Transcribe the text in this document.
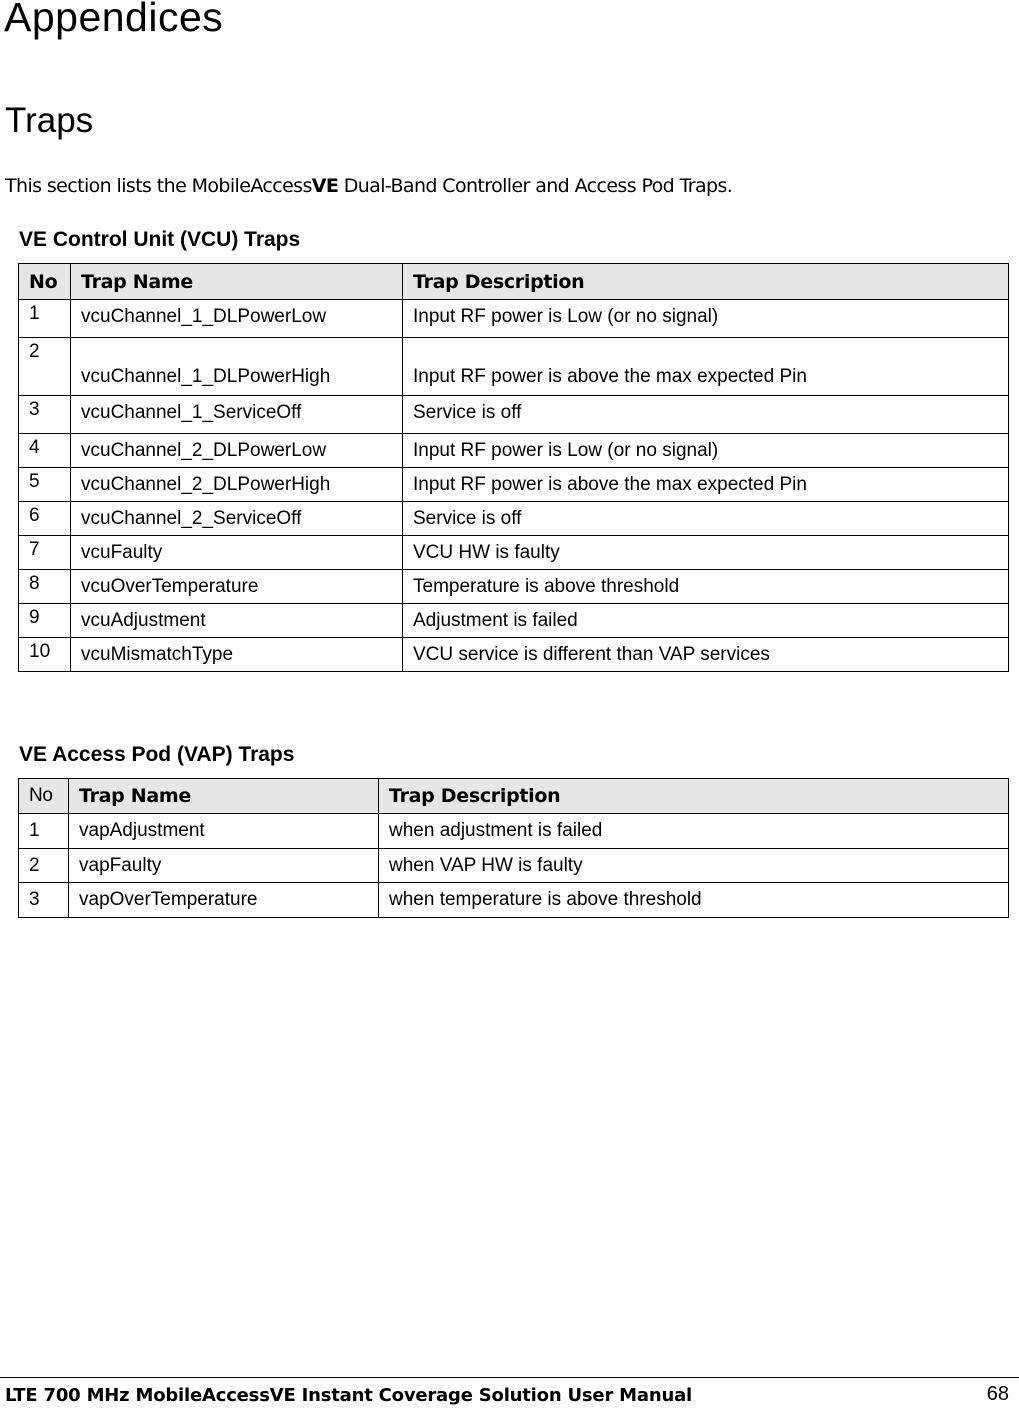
Appendices
Traps
This section lists the MobileAccessVE Dual-Band Controller and Access Pod Traps.
VE Control Unit (VCU) Traps
No	Trap Name	Trap Description
1	vcuChannel_1_DLPowerLow	Input RF power is Low (or no signal)
2	vcuChannel_1_DLPowerHigh	Input RF power is above the max expected Pin
3	vcuChannel_1_ServiceOff	Service is off
4	vcuChannel_2_DLPowerLow	Input RF power is Low (or no signal)
5	vcuChannel_2_DLPowerHigh	Input RF power is above the max expected Pin
6	vcuChannel_2_ServiceOff	Service is off
7	vcuFaulty	VCU HW is faulty
8	vcuOverTemperature	Temperature is above threshold
9	vcuAdjustment	Adjustment is failed
10	vcuMismatchType	VCU service is different than VAP services
VE Access Pod (VAP) Traps
No	Trap Name	Trap Description
1	vapAdjustment	when adjustment is failed
2	vapFaulty	when VAP HW is faulty
3	vapOverTemperature	when temperature is above threshold
LTE 700 MHz MobileAccessVE Instant Coverage Solution User Manual	68
